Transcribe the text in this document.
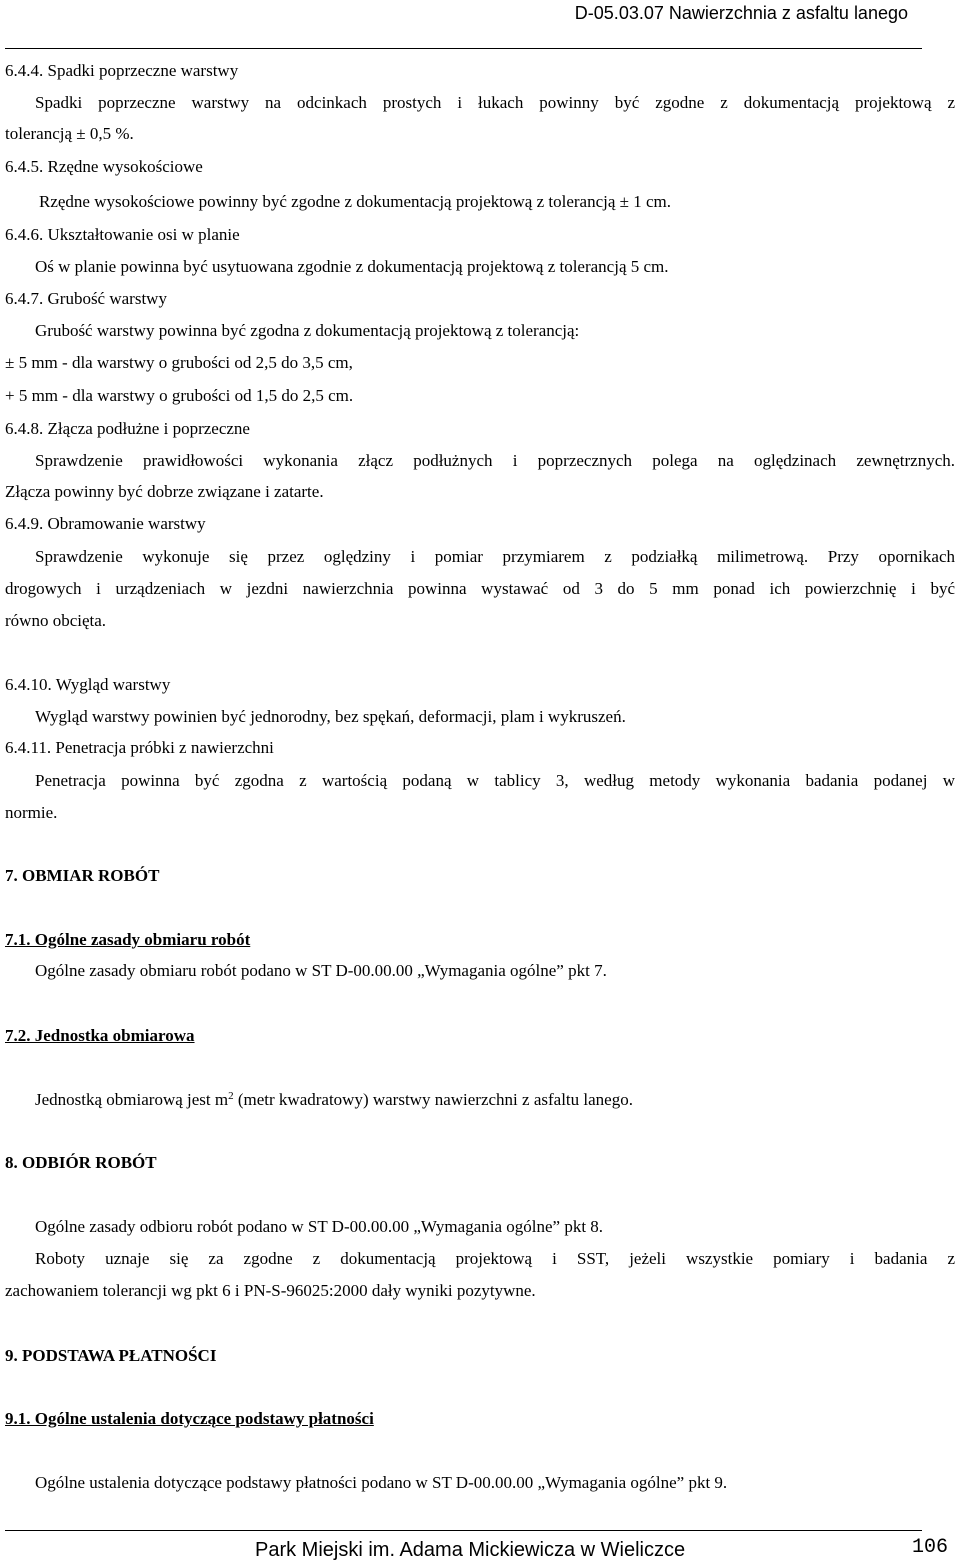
D-05.03.07 Nawierzchnia z asfaltu lanego
6.4.4. Spadki poprzeczne warstwy
Spadki poprzeczne warstwy na odcinkach prostych i łukach powinny być zgodne z dokumentacją projektową z
tolerancją ± 0,5 %.
6.4.5. Rzędne wysokościowe
Rzędne wysokościowe powinny być zgodne z dokumentacją projektową z tolerancją ± 1 cm.
6.4.6. Ukształtowanie osi w planie
Oś w planie powinna być usytuowana zgodnie z dokumentacją projektową z tolerancją 5 cm.
6.4.7. Grubość warstwy
Grubość warstwy powinna być zgodna z dokumentacją projektową z tolerancją:
± 5 mm - dla warstwy o grubości od 2,5 do 3,5 cm,
+ 5 mm - dla warstwy o grubości od 1,5 do 2,5 cm.
6.4.8. Złącza podłużne i poprzeczne
Sprawdzenie prawidłowości wykonania złącz podłużnych i poprzecznych polega na oględzinach zewnętrznych.
Złącza powinny być dobrze związane i zatarte.
6.4.9. Obramowanie warstwy
Sprawdzenie wykonuje się przez oględziny i pomiar przymiarem z podziałką milimetrową. Przy opornikach
drogowych i urządzeniach w jezdni nawierzchnia powinna wystawać od 3 do 5 mm ponad ich powierzchnię i być
równo obcięta.
6.4.10. Wygląd warstwy
Wygląd warstwy powinien być jednorodny, bez spękań, deformacji, plam i wykruszeń.
6.4.11. Penetracja próbki z nawierzchni
Penetracja powinna być zgodna z wartością podaną w tablicy 3, według metody wykonania badania podanej w
normie.
7. OBMIAR ROBÓT
7.1. Ogólne zasady obmiaru robót
Ogólne zasady obmiaru robót podano w ST D-00.00.00 „Wymagania ogólne” pkt 7.
7.2. Jednostka obmiarowa
Jednostką obmiarową jest $m^2$ (metr kwadratowy) warstwy nawierzchni z asfaltu lanego.
8. ODBIÓR ROBÓT
Ogólne zasady odbioru robót podano w ST D-00.00.00 „Wymagania ogólne” pkt 8.
Roboty uznaje się za zgodne z dokumentacją projektową i SST, jeżeli wszystkie pomiary i badania z
zachowaniem tolerancji wg pkt 6 i PN-S-96025:2000 dały wyniki pozytywne.
9. PODSTAWA PŁATNOŚCI
9.1. Ogólne ustalenia dotyczące podstawy płatności
Ogólne ustalenia dotyczące podstawy płatności podano w ST D-00.00.00 „Wymagania ogólne” pkt 9.
Park Miejski im. Adama Mickiewicza w Wieliczce	106
